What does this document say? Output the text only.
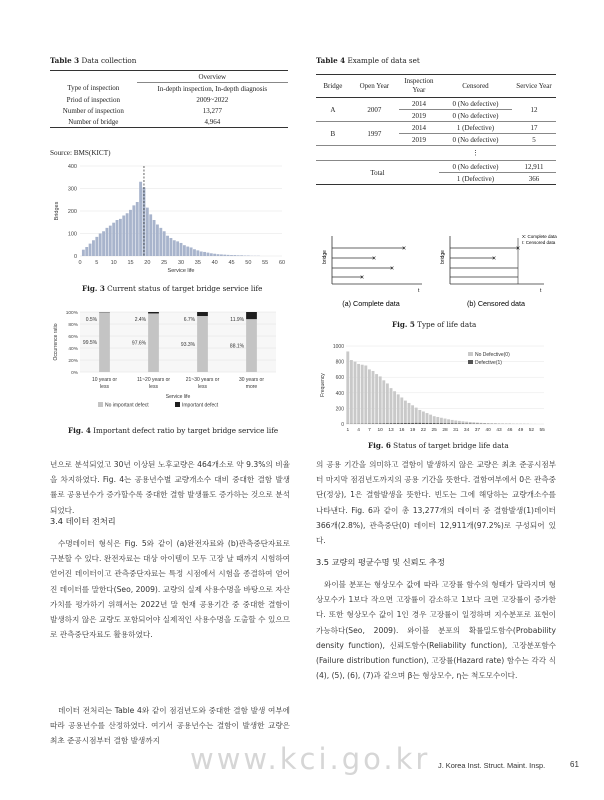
Table 3 Data collection
	Overview
Type of inspection	In-depth inspection, In-depth diagnosis
Priod of inspection	2009~2022
Number of inspection	13,277
Number of bridge	4,964
Source: BMS(KICT)
0
100
200
300
400
0	5 10 15 20 25 30 35 40 45 50 55 60
Service life
Bridges
Fig. 3 Current status of target bridge service life
0%
20%
40%
60%
80%
100%
99.5%
0.5%
10 years or
less
97.6%
2.4%
11~20 years or
less
93.3%
6.7%
21~30 years or
less
88.1%
11.9%
30 years or
more
Service life
Occurrence ratio
No important defect	Important defect
Fig. 4 Important defect ratio by target bridge service life
Table 4 Example of data set
Bridge	Open Year	Inspection Year	Censored	Service Year
A	2007	2014	0 (No defective)	12
		2019	0 (No defective)	
B	1997	2014	1 (Defective)	17
		2019	0 (No defective)	5
			⋮	
Total			0 (No defective)	12,911
			1 (Defective)	366
×
×
×
×
bridge
t
×
×
bridge
t
X: Complete data
I: Censored data
(a) Complete data	(b) Censored data
Fig. 5 Type of life data
0
200
400
600
800
1000
1 4 7 10 13 16 19 22 25 28 31 34 37 40 43 46 49 52 55
Frequency
No Defective(0)
Defective(1)
Fig. 6 Status of target bridge life data
년으로 분석되었고 30년 이상된 노후교량은 464개소로 약 9.3%의 비율을 차지하였다. Fig. 4는 공용년수별 교량개소수 대비 중대한 결함 발생률로 공용년수가 증가할수록 중대한 결함 발생률도 증가하는 것으로 분석되었다.
3.4 데이터 전처리
수명데이터 형식은 Fig. 5와 같이 (a)완전자료와 (b)관측중단자료로 구분할 수 있다. 완전자료는 대상 아이템이 모두 고장 날 때까지 시험하여 얻어진 데이터이고 관측중단자료는 특정 시점에서 시험을 종결하여 얻어진 데이터를 말한다(Seo, 2009). 교량의 실제 사용수명을 바탕으로 자산가치를 평가하기 위해서는 2022년 말 현재 공용기간 중 중대한 결함이 발생하지 않은 교량도 포함되어야 실제적인 사용수명을 도출할 수 있으므로 관측중단자료도 활용하였다.
데이터 전처리는 Table 4와 같이 점검년도와 중대한 결함 발생 여부에 따라 공용년수를 산정하였다. 여기서 공용년수는 결함이 발생한 교량은 최초 준공시점부터 결함 발생까지
의 공용 기간을 의미하고 결함이 발생하지 않은 교량은 최초 준공시점부터 마지막 점검년도까지의 공용 기간을 뜻한다. 결함여부에서 0은 관측중단(정상), 1은 결함발생을 뜻한다. 빈도는 그에 해당하는 교량개소수를 나타낸다. Fig. 6과 같이 총 13,277개의 데이터 중 결함발생(1)데이터 366개(2.8%), 관측중단(0) 데이터 12,911개(97.2%)로 구성되어 있다.
3.5 교량의 평균수명 및 신뢰도 추정
와이블 분포는 형상모수 값에 따라 고장률 함수의 형태가 달라지며 형상모수가 1보다 작으면 고장률이 감소하고 1보다 크면 고장률이 증가한다. 또한 형상모수 값이 1인 경우 고장률이 일정하며 지수분포로 표현이 가능하다(Seo, 2009). 와이블 분포의 확률밀도함수(Probability density function), 신뢰도함수(Reliability function), 고장분포함수(Failure distribution function), 고장률(Hazard rate) 함수는 각각 식 (4), (5), (6), (7)과 같으며 β는 형상모수, η는 척도모수이다.
www.kci.go.kr J. Korea Inst. Struct. Maint. Insp.	61
